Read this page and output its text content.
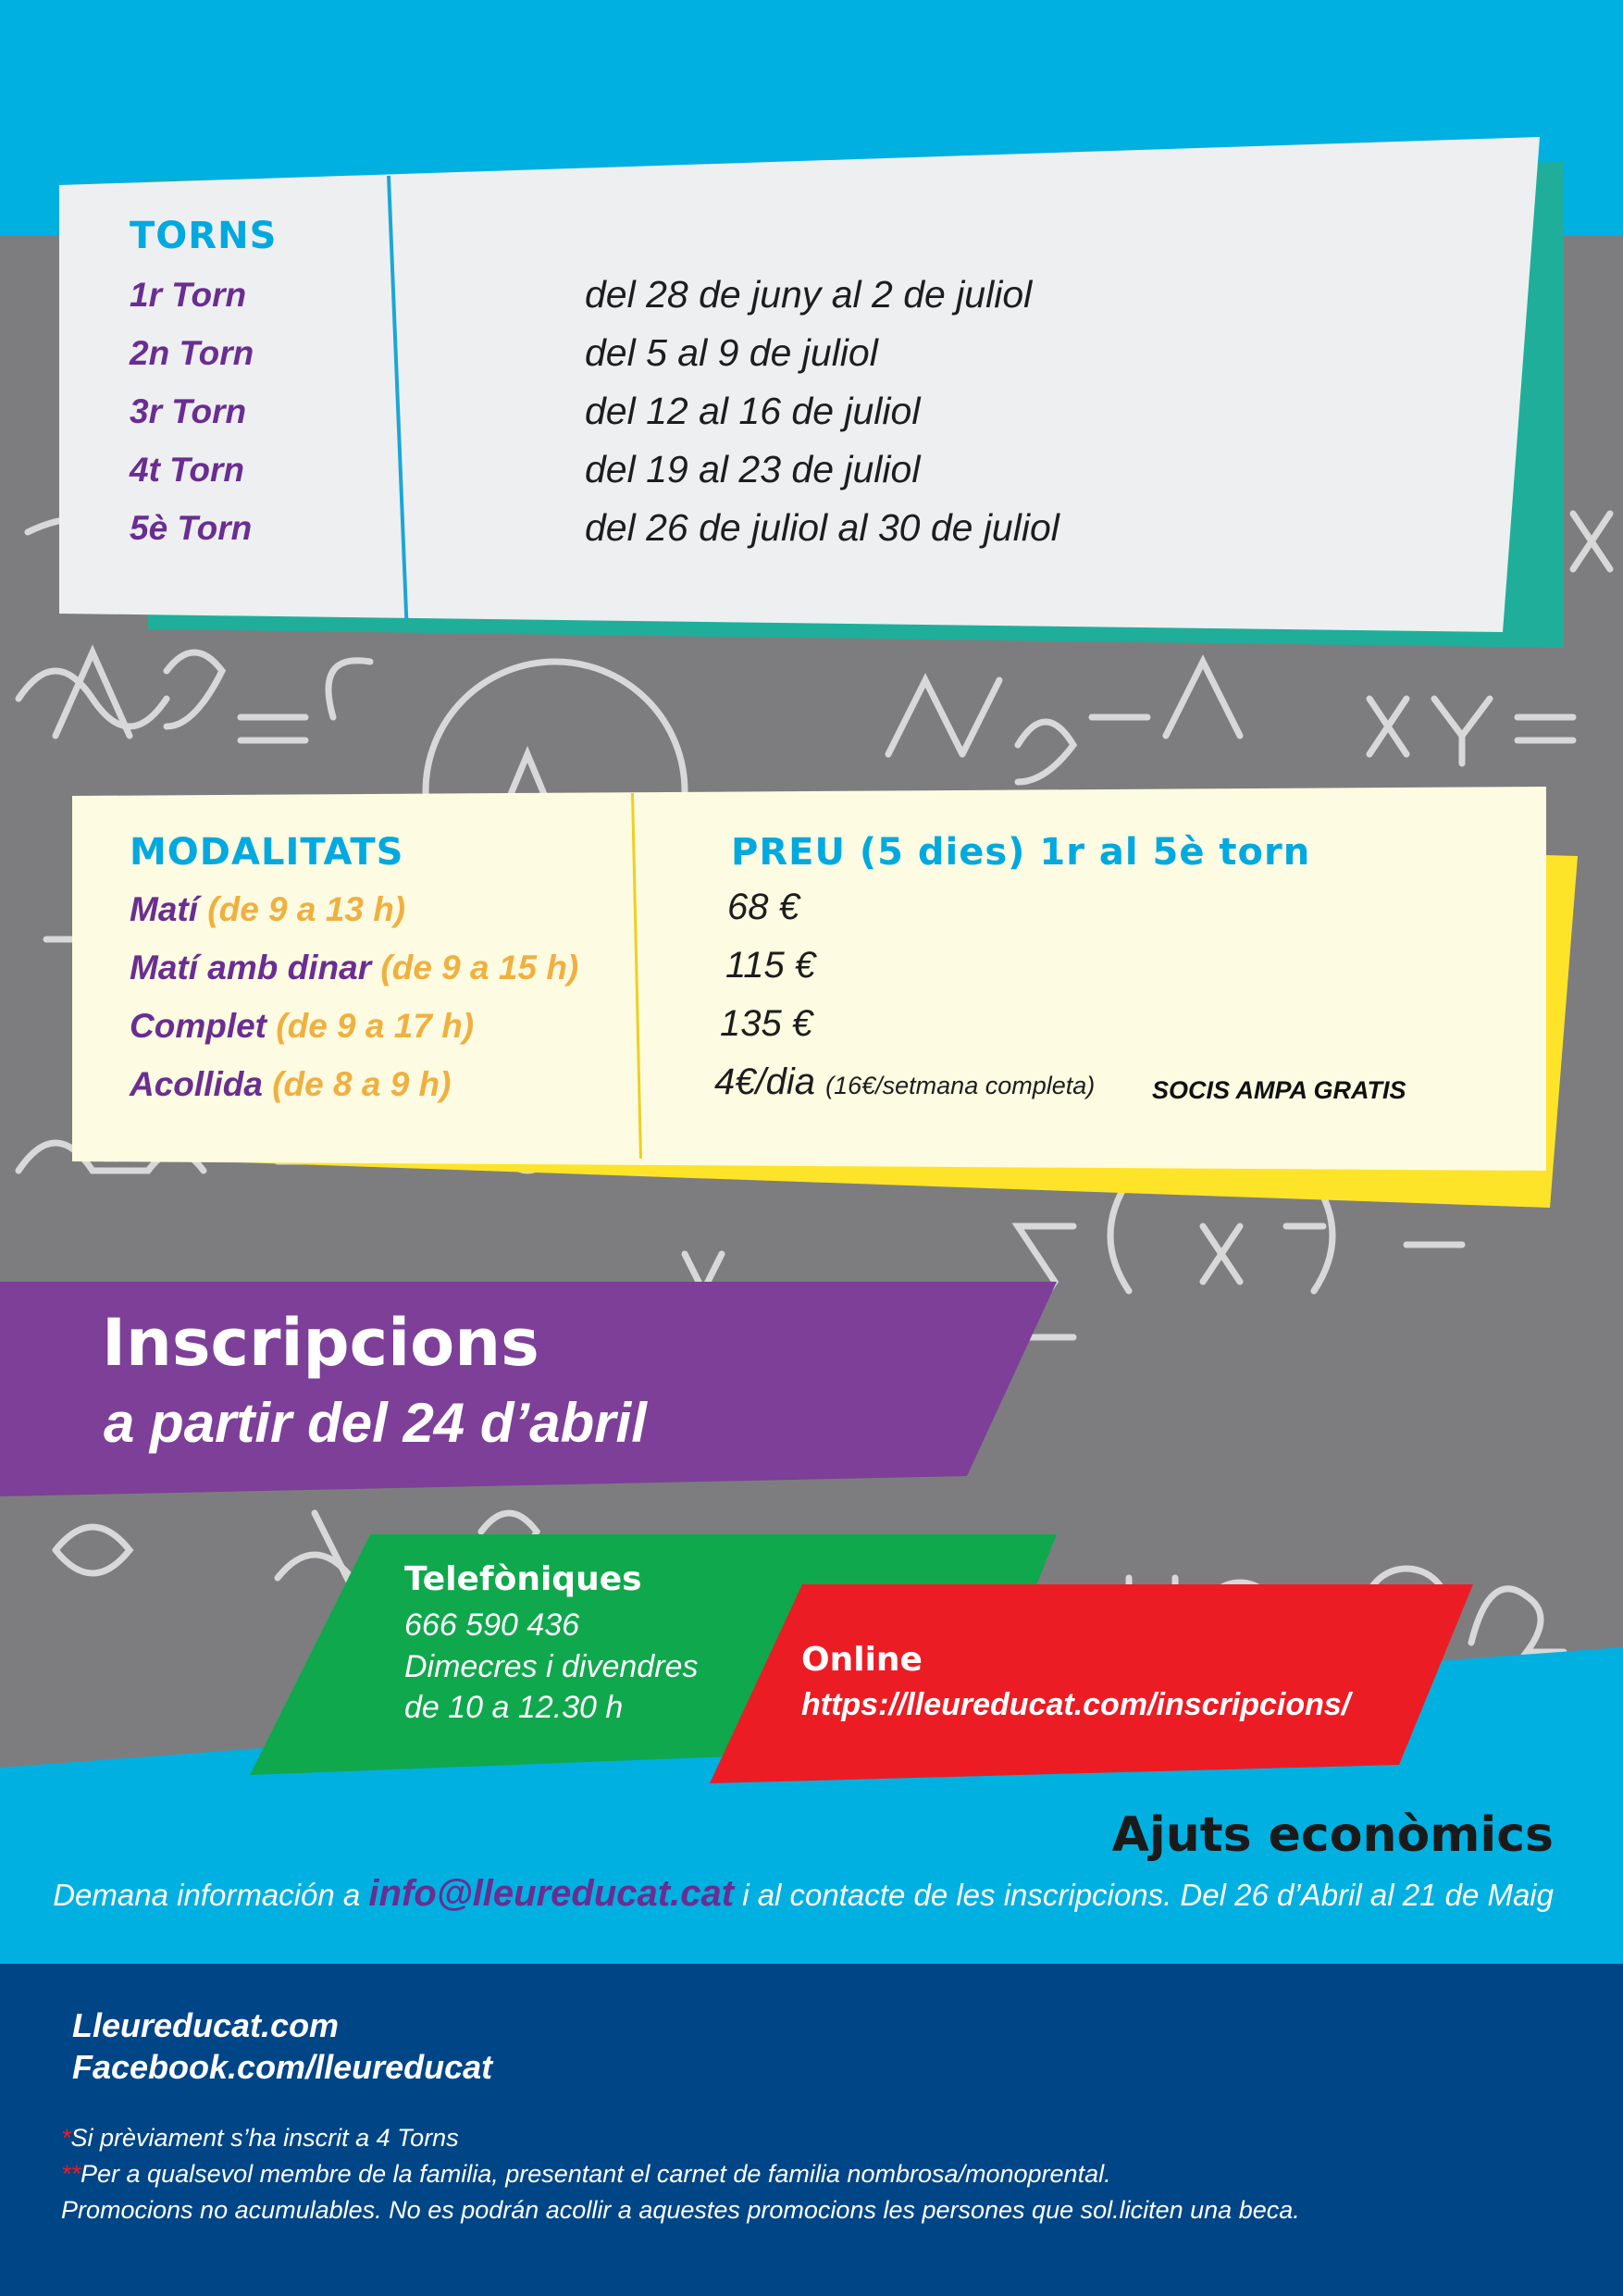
TORNS
1r Torn
2n Torn
3r Torn
4t Torn
5è Torn
del 28 de juny al 2 de juliol
del 5 al 9 de juliol
del 12 al 16 de juliol
del 19 al 23 de juliol
del 26 de juliol al 30 de juliol
MODALITATS	PREU (5 dies) 1r al 5è torn
Matí (de 9 a 13 h)
Matí amb dinar (de 9 a 15 h)
Complet (de 9 a 17 h)
Acollida (de 8 a 9 h)
68 €
115 €
135 €
4€/dia (16€/setmana completa) SOCIS AMPA GRATIS
Inscripcions
a partir del 24 d’abril
Telefòniques
666 590 436
Dimecres i divendres
de 10 a 12.30 h
Online
https://lleureducat.com/inscripcions/
Ajuts econòmics
Demana información a info@lleureducat.cat i al contacte de les inscripcions. Del 26 d’Abril al 21 de Maig
Lleureducat.com
Facebook.com/lleureducat
*Si prèviament s’ha inscrit a 4 Torns
**Per a qualsevol membre de la familia, presentant el carnet de familia nombrosa/monoprental.
Promocions no acumulables. No es podrán acollir a aquestes promocions les persones que sol.liciten una beca.
